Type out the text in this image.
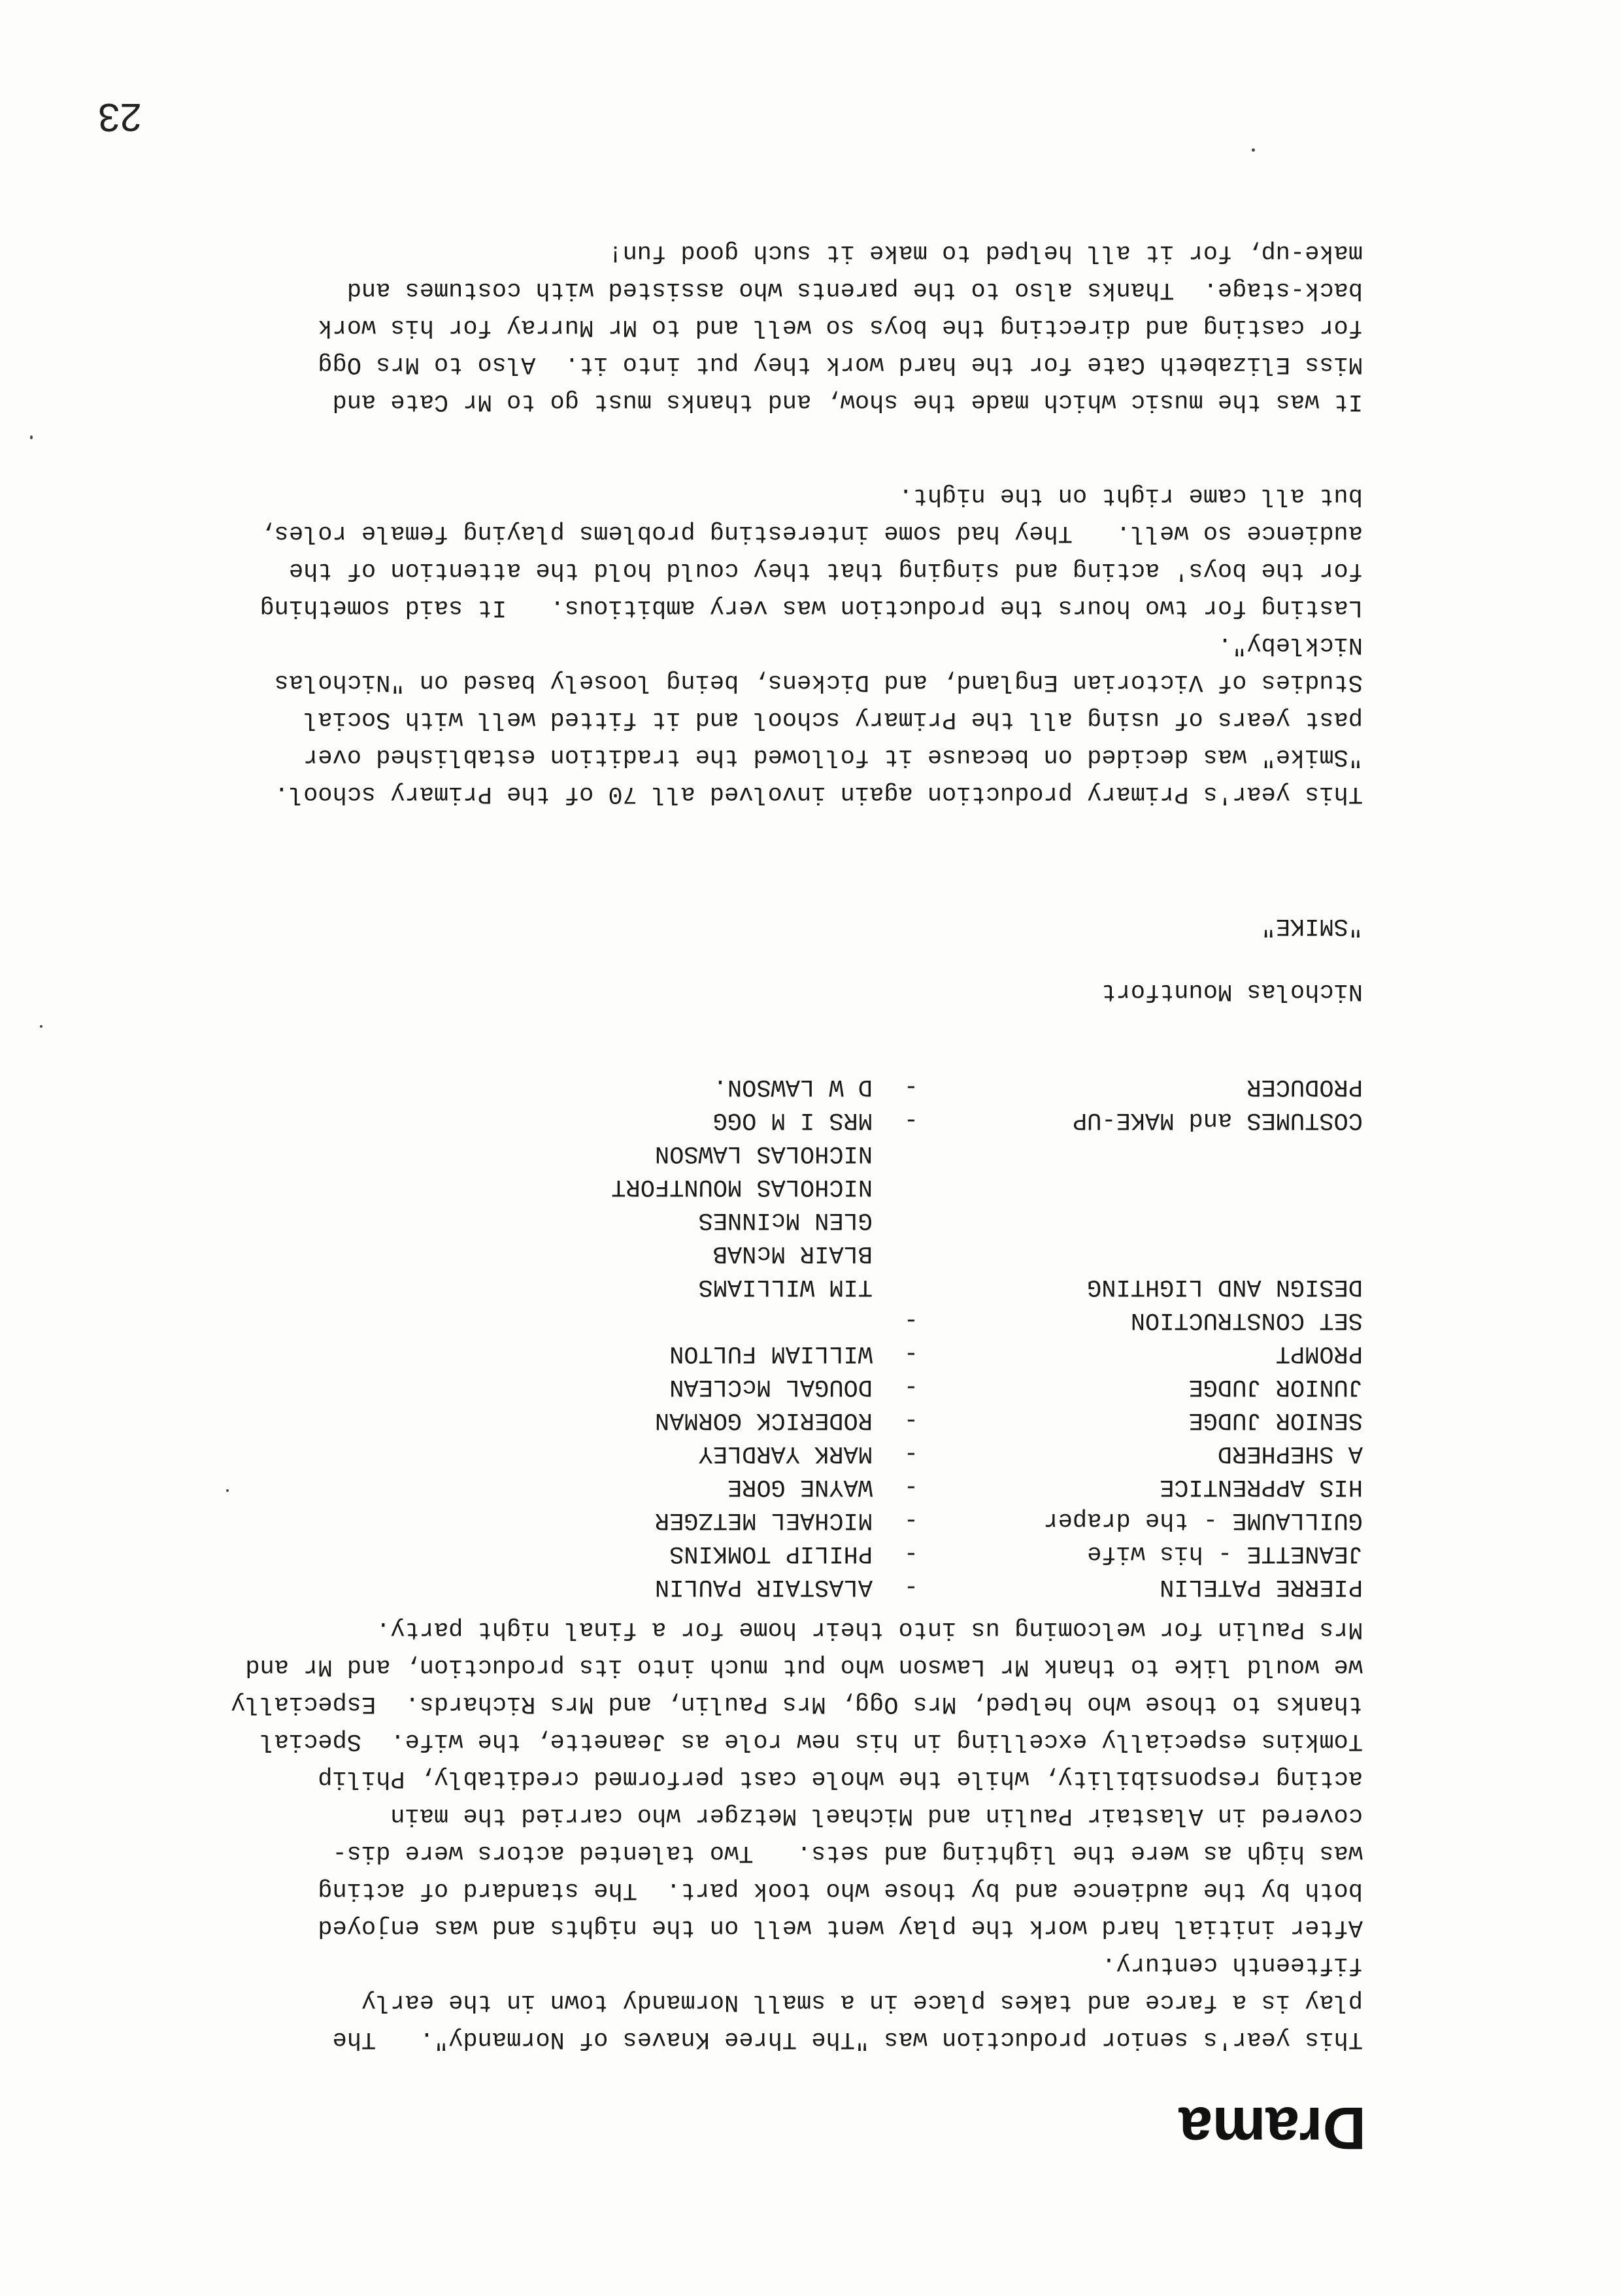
Drama

This year's senior production was "The Three Knaves of Normandy".   The
play is a farce and takes place in a small Normandy town in the early
fifteenth century.
After initial hard work the play went well on the nights and was enjoyed
both by the audience and by those who took part.  The standard of acting
was high as were the lighting and sets.   Two talented actors were dis-
covered in Alastair Paulin and Michael Metzger who carried the main
acting responsibility, while the whole cast performed creditably, Philip
Tomkins especially excelling in his new role as Jeanette, the wife.  Special
thanks to those who helped, Mrs Ogg, Mrs Paulin, and Mrs Richards.  Especially
we would like to thank Mr Lawson who put much into its production, and Mr and
Mrs Paulin for welcoming us into their home for a final night party.

PIERRE PATELIN
-
ALASTAIR PAULIN
JEANETTE - his wife
-
PHILIP TOMKINS
GUILLAUME - the draper
-
MICHAEL METZGER
HIS APPRENTICE
-
WAYNE GORE
A SHEPHERD
-
MARK YARDLEY
SENIOR JUDGE
-
RODERICK GORMAN
JUNIOR JUDGE
-
DOUGAL McCLEAN
PROMPT
-
WILLIAM FULTON
SET CONSTRUCTION
DESIGN AND LIGHTING
-

TIM WILLIAMS
BLAIR McNAB
GLEN McINNES
NICHOLAS MOUNTFORT
NICHOLAS LAWSON
COSTUMES and MAKE-UP
-
MRS I M OGG
PRODUCER
-
D W LAWSON.

Nicholas Mountfort

"SMIKE"

This year's Primary production again involved all 70 of the Primary school.
"Smike" was decided on because it followed the tradition established over
past years of using all the Primary school and it fitted well with Social
Studies of Victorian England, and Dickens, being loosely based on "Nicholas
Nickleby".
Lasting for two hours the production was very ambitious.   It said something
for the boys' acting and singing that they could hold the attention of the
audience so well.   They had some interesting problems playing female roles,
but all came right on the night.

It was the music which made the show, and thanks must go to Mr Cate and
Miss Elizabeth Cate for the hard work they put into it.  Also to Mrs Ogg
for casting and directing the boys so well and to Mr Murray for his work
back-stage.  Thanks also to the parents who assisted with costumes and
make-up, for it all helped to make it such good fun!

23
